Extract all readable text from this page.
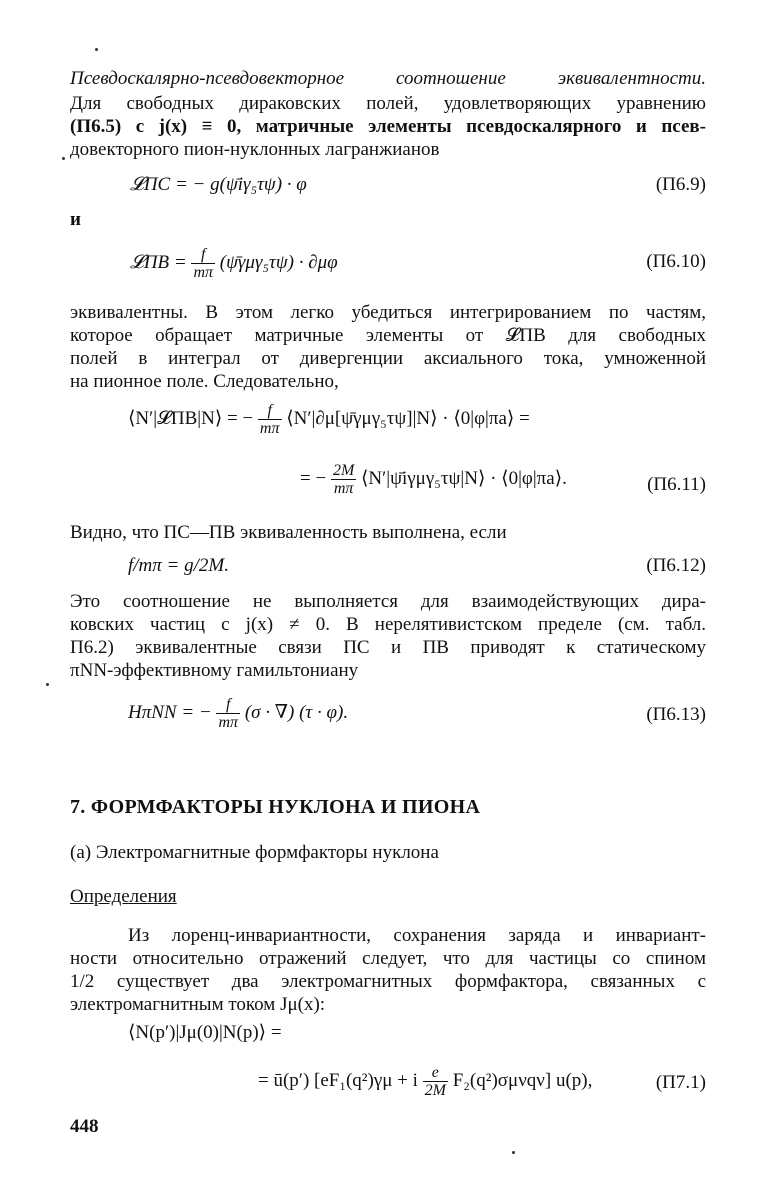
Псевдоскалярно-псевдовекторное соотношение эквивалентности.
Для свободных дираковских полей, удовлетворяющих уравнению
(П6.5) с j(x) ≡ 0, матричные элементы псевдоскалярного и псев-
довекторного пион-нуклонных лагранжианов
𝓛ПС = − g(ψ̄iγ₅τψ) · φ	(П6.9)
и
𝓛ПВ = $\frac{f}{m\pi}$ (ψ̄γμγ₅τψ) · ∂μφ	(П6.10)
эквивалентны. В этом легко убедиться интегрированием по частям,
которое обращает матричные элементы от 𝓛ПВ для свободных
полей в интеграл от дивергенции аксиального тока, умноженной
на пионное поле. Следовательно,
⟨N′|𝓛ПВ|N⟩ = − $\frac{f}{m\pi}$ ⟨N′|∂μ[ψ̄γμγ₅τψ]|N⟩ · ⟨0|φ|πa⟩ =
= − $\frac{2M}{m\pi}$ ⟨N′|ψ̄iγμγ₅τψ|N⟩ · ⟨0|φ|πa⟩.	(П6.11)
Видно, что ПС—ПВ эквиваленность выполнена, если
f/mπ = g/2M.	(П6.12)
Это соотношение не выполняется для взаимодействующих дира-
ковских частиц с j(x) ≠ 0. В нерелятивистском пределе (см. табл.
П6.2) эквивалентные связи ПС и ПВ приводят к статическому
πNN-эффективному гамильтониану
HπNN = − $\frac{f}{m\pi} (\sigma$ · ∇) (τ · φ).	(П6.13)
7. ФОРМФАКТОРЫ НУКЛОНА И ПИОНА
(а) Электромагнитные формфакторы нуклона
Определения
Из лоренц-инвариантности, сохранения заряда и инвариант-
ности относительно отражений следует, что для частицы со спином
1/2 существует два электромагнитных формфактора, связанных с
электромагнитным током Jμ(x):
⟨N(p′)|Jμ(0)|N(p)⟩ =
= ū(p′) [eF₁(q²)γμ + i $\frac{e}{2M} F_2(q^2)\sigma\mu\nu q\nu$] u(p),	(П7.1)
448
